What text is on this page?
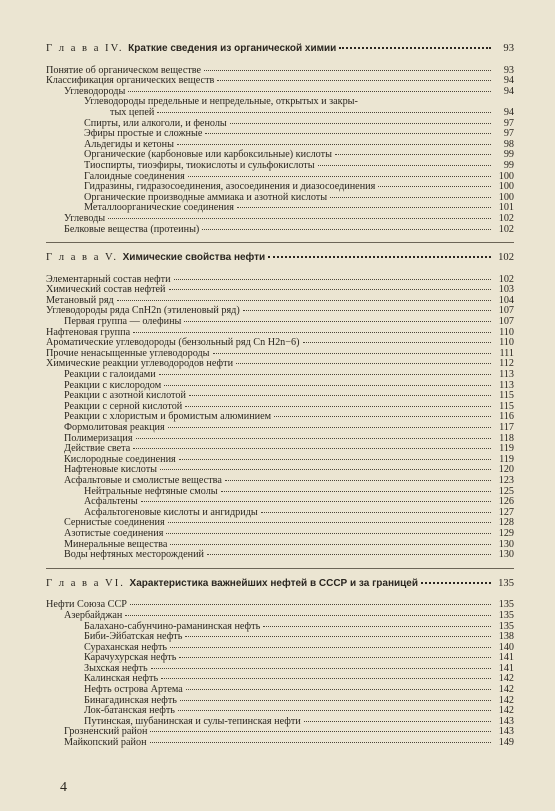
Г л а в а IV. Краткие сведения из органической химии	93
Понятие об органическом веществе	93
Классификация органических веществ	94
Углеводороды	94
Углеводороды предельные и непредельные, открытых и закры-
тых цепей	94
Спирты, или алкоголи, и фенолы	97
Эфиры простые и сложные	97
Альдегиды и кетоны	98
Органические (карбоновые или карбоксильные) кислоты	99
Тиоспирты, тиоэфиры, тиокислоты и сульфокислоты	99
Галоидные соединения	100
Гидразины, гидразосоединения, азосоединения и диазосоединения	100
Органические производные аммиака и азотной кислоты	100
Металлоорганические соединения	101
Углеводы	102
Белковые вещества (протеины)	102
Г л а в а V. Химические свойства нефти	102
Элементарный состав нефти	102
Химический состав нефтей	103
Метановый ряд	104
Углеводороды ряда CnH2n (этиленовый ряд)	107
Первая группа — олефины	107
Нафтеновая группа	110
Ароматические углеводороды (бензольный ряд Cn H2n−6)	110
Прочие ненасыщенные углеводороды	111
Химические реакции углеводородов нефти	112
Реакции с галоидами	113
Реакции с кислородом	113
Реакции с азотной кислотой	115
Реакции с серной кислотой	115
Реакции с хлористым и бромистым алюминием	116
Формолитовая реакция	117
Полимеризация	118
Действие света	119
Кислородные соединения	119
Нафтеновые кислоты	120
Асфальтовые и смолистые вещества	123
Нейтральные нефтяные смолы	125
Асфальтены	126
Асфальтогеновые кислоты и ангидриды	127
Сернистые соединения	128
Азотистые соединения	129
Минеральные вещества	130
Воды нефтяных месторождений	130
Г л а в а VI. Характеристика важнейших нефтей в СССР и за границей	135
Нефти Союза ССР	135
Азербайджан	135
Балахано-сабунчино-раманинская нефть	135
Биби-Эйбатская нефть	138
Сураханская нефть	140
Карачухурская нефть	141
Зыхская нефть	141
Калинская нефть	142
Нефть острова Артема	142
Бинагадинская нефть	142
Лок-батанская нефть	142
Путинская, шубанинская и сулы-тепинская нефти	143
Грозненский район	143
Майкопский район	149
4
